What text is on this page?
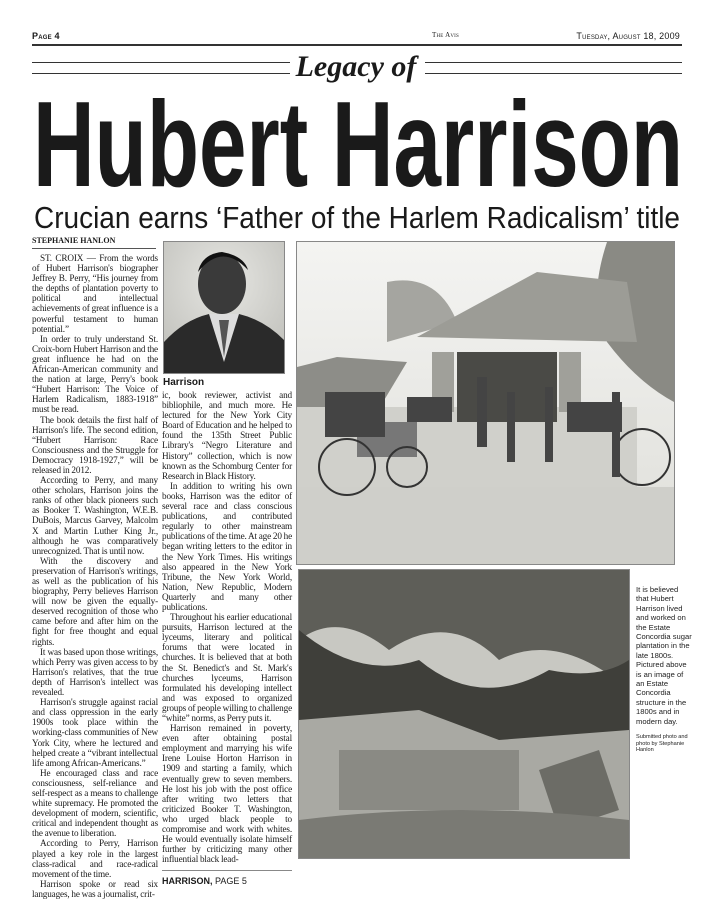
Page 4	The Avis	Tuesday, August 18, 2009
Legacy of
Hubert Harrison
Crucian earns ‘Father of the Harlem Radicalism’ title
STEPHANIE HANLON

ST. CROIX — From the words of Hubert Harrison's biographer Jeffrey B. Perry, “His journey from the depths of plantation poverty to political and intellectual achievements of great influence is a powerful testament to human potential.”

In order to truly understand St. Croix-born Hubert Harrison and the great influence he had on the African-American community and the nation at large, Perry's book “Hubert Harrison: The Voice of Harlem Radicalism, 1883-1918” must be read.

The book details the first half of Harrison's life. The second edition, “Hubert Harrison: Race Consciousness and the Struggle for Democracy 1918-1927,” will be released in 2012.

According to Perry, and many other scholars, Harrison joins the ranks of other black pioneers such as Booker T. Washington, W.E.B. DuBois, Marcus Garvey, Malcolm X and Martin Luther King Jr., although he was comparatively unrecognized. That is until now.

With the discovery and preservation of Harrison's writings, as well as the publication of his biography, Perry believes Harrison will now be given the equally-deserved recognition of those who came before and after him on the fight for free thought and equal rights.

It was based upon those writings, which Perry was given access to by Harrison's relatives, that the true depth of Harrison's intellect was revealed.

Harrison's struggle against racial and class oppression in the early 1900s took place within the working-class communities of New York City, where he lectured and helped create a “vibrant intellectual life among African-Americans.”

He encouraged class and race consciousness, self-reliance and self-respect as a means to challenge white supremacy. He promoted the development of modern, scientific, critical and independent thought as the avenue to liberation.

According to Perry, Harrison played a key role in the largest class-radical and race-radical movement of the time.

Harrison spoke or read six languages, he was a journalist, crit-

Harrison

ic, book reviewer, activist and bibliophile, and much more. He lectured for the New York City Board of Education and he helped to found the 135th Street Public Library's “Negro Literature and History” collection, which is now known as the Schomburg Center for Research in Black History.

In addition to writing his own books, Harrison was the editor of several race and class conscious publications, and contributed regularly to other mainstream publications of the time. At age 20 he began writing letters to the editor in the New York Times. His writings also appeared in the New York Tribune, the New York World, Nation, New Republic, Modern Quarterly and many other publications.

Throughout his earlier educational pursuits, Harrison lectured at the lyceums, literary and political forums that were located in churches. It is believed that at both the St. Benedict's and St. Mark's churches lyceums, Harrison formulated his developing intellect and was exposed to organized groups of people willing to challenge “white” norms, as Perry puts it.

Harrison remained in poverty, even after obtaining postal employment and marrying his wife Irene Louise Horton Harrison in 1909 and starting a family, which eventually grew to seven members. He lost his job with the post office after writing two letters that criticized Booker T. Washington, who urged black people to compromise and work with whites. He would eventually isolate himself further by criticizing many other influential black lead-

HARRISON, PAGE 5
It is believed that Hubert Harrison lived and worked on the Estate Concordia sugar plantation in the late 1800s. Pictured above is an image of an Estate Concordia structure in the 1800s and in modern day.
Submitted photo and photo by Stephanie Hanlon
